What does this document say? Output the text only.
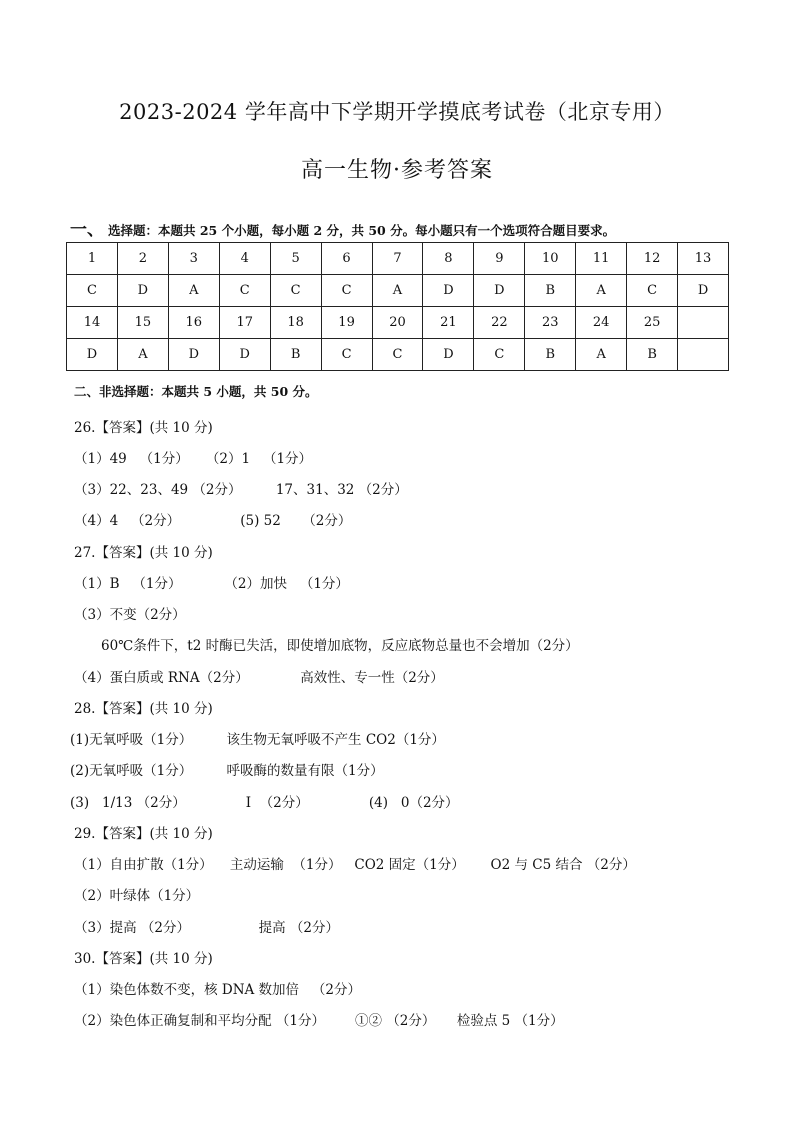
2023-2024 学年高中下学期开学摸底考试卷（北京专用）
高一生物·参考答案
一、 选择题：本题共 25 个小题，每小题 2 分，共 50 分。每小题只有一个选项符合题目要求。
1	2	3	4	5	6	7	8	9	10	11	12	13
C	D	A	C	C	C	A	D	D	B	A	C	D
14	15	16	17	18	19	20	21	22	23	24	25	
D	A	D	D	B	C	C	D	C	B	A	B	
二、非选择题：本题共 5 小题，共 50 分。
26.【答案】(共 10 分)
（1）49   （1分）    （2）1   （1分）
（3）22、23、49 （2分）        17、31、32 （2分）
（4）4   （2分）              (5) 52     （2分）
27.【答案】(共 10 分)
（1）B   （1分）          （2）加快   （1分）
（3）不变（2分）
60℃条件下，t2 时酶已失活，即使增加底物，反应底物总量也不会增加（2分）
（4）蛋白质或 RNA（2分）            高效性、专一性（2分）
28.【答案】(共 10 分)
(1)无氧呼吸（1分）        该生物无氧呼吸不产生 CO2（1分）
(2)无氧呼吸（1分）        呼吸酶的数量有限（1分）
(3)   1/13 （2分）              I  （2分）              (4)   0（2分）
29.【答案】(共 10 分)
（1）自由扩散（1分）    主动运输  （1分）   CO2 固定（1分）      O2 与 C5 结合 （2分）
（2）叶绿体（1分）
（3）提高 （2分）                提高 （2分）
30.【答案】(共 10 分)
（1）染色体数不变，核 DNA 数加倍   （2分）
（2）染色体正确复制和平均分配 （1分）       ①② （2分）     检验点 5 （1分）
